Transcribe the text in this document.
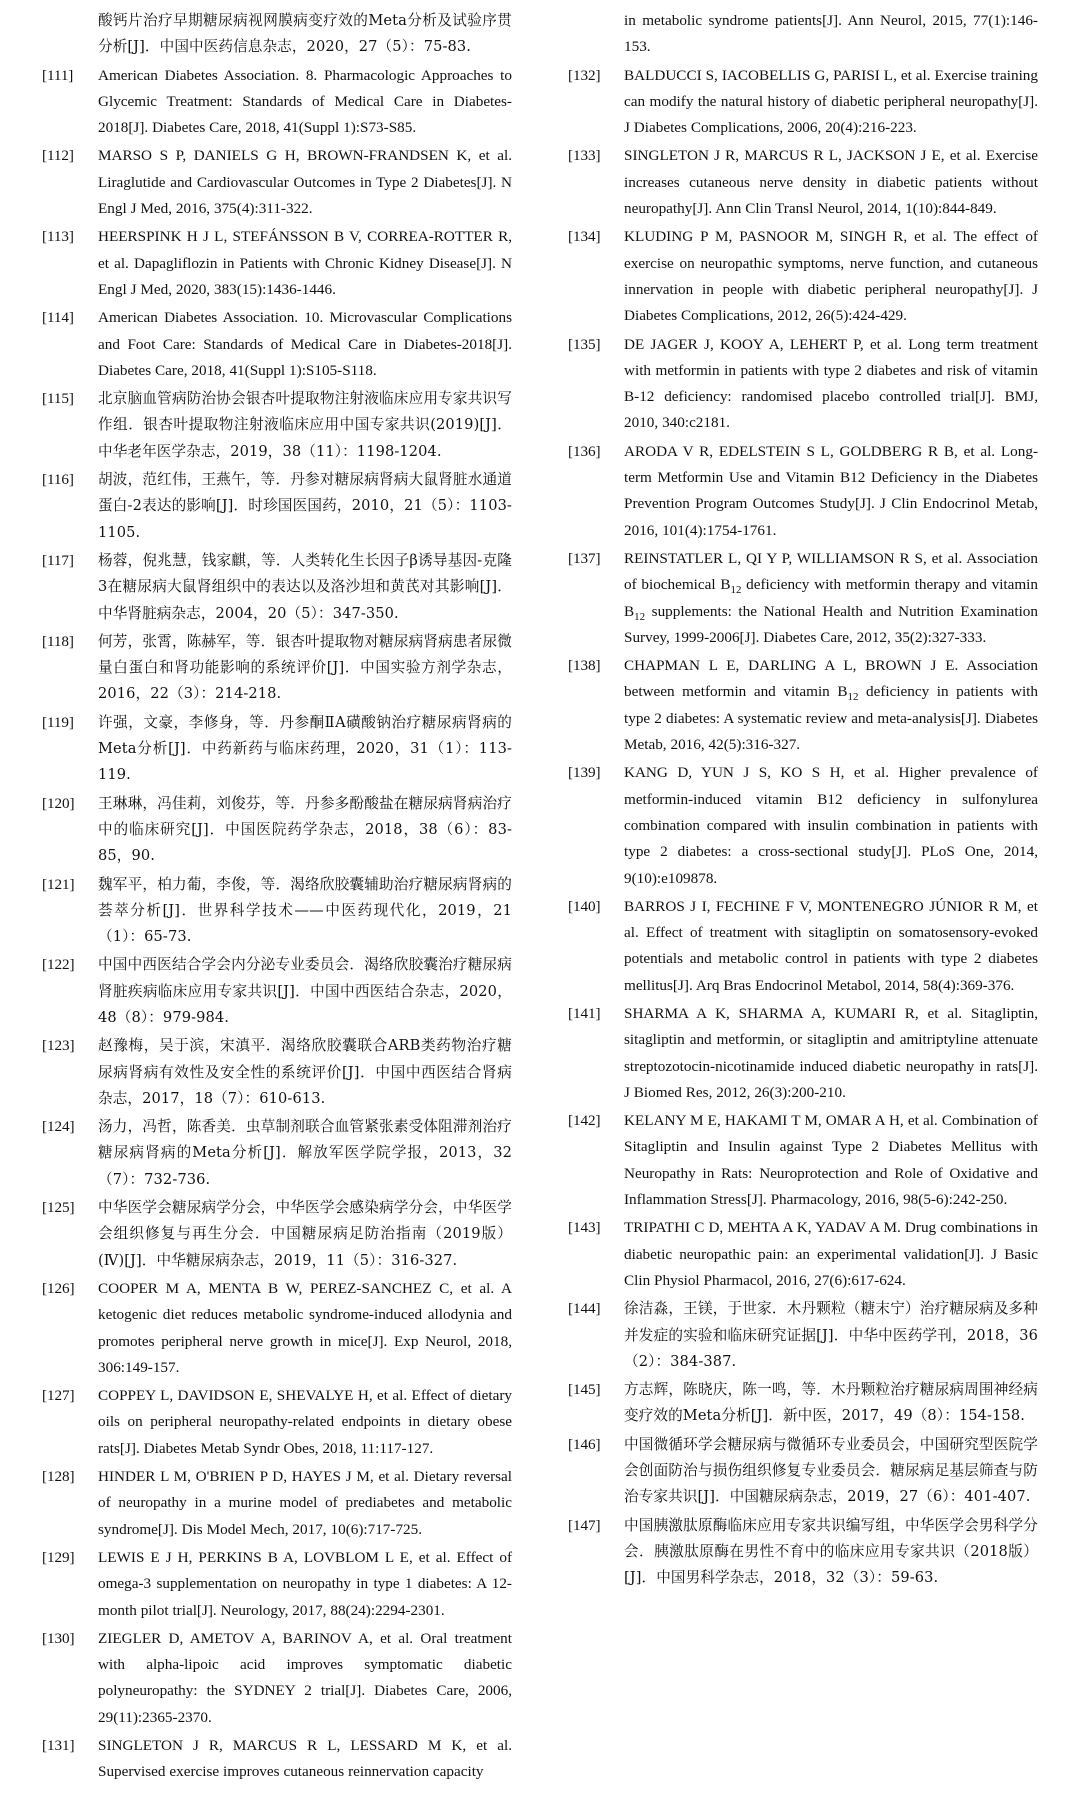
酸钙片治疗早期糖尿病视网膜病变疗效的Meta分析及试验序贯分析[J]．中国中医药信息杂志，2020，27（5）：75-83.
[111]	American Diabetes Association. 8. Pharmacologic Approaches to Glycemic Treatment: Standards of Medical Care in Diabetes-2018[J]. Diabetes Care, 2018, 41(Suppl 1):S73-S85.
[112]	MARSO S P, DANIELS G H, BROWN-FRANDSEN K, et al. Liraglutide and Cardiovascular Outcomes in Type 2 Diabetes[J]. N Engl J Med, 2016, 375(4):311-322.
[113]	HEERSPINK H J L, STEFÁNSSON B V, CORREA-ROTTER R, et al. Dapagliflozin in Patients with Chronic Kidney Disease[J]. N Engl J Med, 2020, 383(15):1436-1446.
[114]	American Diabetes Association. 10. Microvascular Complications and Foot Care: Standards of Medical Care in Diabetes-2018[J]. Diabetes Care, 2018, 41(Suppl 1):S105-S118.
[115]	北京脑血管病防治协会银杏叶提取物注射液临床应用专家共识写作组．银杏叶提取物注射液临床应用中国专家共识(2019)[J]．中华老年医学杂志，2019，38（11）：1198-1204.
[116]	胡波，范红伟，王燕午，等．丹参对糖尿病肾病大鼠肾脏水通道蛋白-2表达的影响[J]．时珍国医国药，2010，21（5）：1103-1105.
[117]	杨蓉，倪兆慧，钱家麒，等．人类转化生长因子β诱导基因-克隆3在糖尿病大鼠肾组织中的表达以及洛沙坦和黄芪对其影响[J]．中华肾脏病杂志，2004，20（5）：347-350.
[118]	何芳，张霄，陈赫军，等．银杏叶提取物对糖尿病肾病患者尿微量白蛋白和肾功能影响的系统评价[J]．中国实验方剂学杂志，2016，22（3）：214-218.
[119]	许强，文豪，李修身，等．丹参酮ⅡA磺酸钠治疗糖尿病肾病的Meta分析[J]．中药新药与临床药理，2020，31（1）：113-119.
[120]	王琳琳，冯佳莉，刘俊芬，等．丹参多酚酸盐在糖尿病肾病治疗中的临床研究[J]．中国医院药学杂志，2018，38（6）：83-85，90.
[121]	魏军平，柏力葡，李俊，等．渴络欣胶囊辅助治疗糖尿病肾病的荟萃分析[J]．世界科学技术——中医药现代化，2019，21（1）：65-73.
[122]	中国中西医结合学会内分泌专业委员会．渴络欣胶囊治疗糖尿病肾脏疾病临床应用专家共识[J]．中国中西医结合杂志，2020，48（8）：979-984.
[123]	赵豫梅，吴于滨，宋滇平．渴络欣胶囊联合ARB类药物治疗糖尿病肾病有效性及安全性的系统评价[J]．中国中西医结合肾病杂志，2017，18（7）：610-613.
[124]	汤力，冯哲，陈香美．虫草制剂联合血管紧张素受体阻滞剂治疗糖尿病肾病的Meta分析[J]．解放军医学院学报，2013，32（7）：732-736.
[125]	中华医学会糖尿病学分会，中华医学会感染病学分会，中华医学会组织修复与再生分会．中国糖尿病足防治指南（2019版）(Ⅳ)[J]．中华糖尿病杂志，2019，11（5）：316-327.
[126]	COOPER M A, MENTA B W, PEREZ-SANCHEZ C, et al. A ketogenic diet reduces metabolic syndrome-induced allodynia and promotes peripheral nerve growth in mice[J]. Exp Neurol, 2018, 306:149-157.
[127]	COPPEY L, DAVIDSON E, SHEVALYE H, et al. Effect of dietary oils on peripheral neuropathy-related endpoints in dietary obese rats[J]. Diabetes Metab Syndr Obes, 2018, 11:117-127.
[128]	HINDER L M, O'BRIEN P D, HAYES J M, et al. Dietary reversal of neuropathy in a murine model of prediabetes and metabolic syndrome[J]. Dis Model Mech, 2017, 10(6):717-725.
[129]	LEWIS E J H, PERKINS B A, LOVBLOM L E, et al. Effect of omega-3 supplementation on neuropathy in type 1 diabetes: A 12-month pilot trial[J]. Neurology, 2017, 88(24):2294-2301.
[130]	ZIEGLER D, AMETOV A, BARINOV A, et al. Oral treatment with alpha-lipoic acid improves symptomatic diabetic polyneuropathy: the SYDNEY 2 trial[J]. Diabetes Care, 2006, 29(11):2365-2370.
[131]	SINGLETON J R, MARCUS R L, LESSARD M K, et al. Supervised exercise improves cutaneous reinnervation capacity
in metabolic syndrome patients[J]. Ann Neurol, 2015, 77(1):146-153.
[132]	BALDUCCI S, IACOBELLIS G, PARISI L, et al. Exercise training can modify the natural history of diabetic peripheral neuropathy[J]. J Diabetes Complications, 2006, 20(4):216-223.
[133]	SINGLETON J R, MARCUS R L, JACKSON J E, et al. Exercise increases cutaneous nerve density in diabetic patients without neuropathy[J]. Ann Clin Transl Neurol, 2014, 1(10):844-849.
[134]	KLUDING P M, PASNOOR M, SINGH R, et al. The effect of exercise on neuropathic symptoms, nerve function, and cutaneous innervation in people with diabetic peripheral neuropathy[J]. J Diabetes Complications, 2012, 26(5):424-429.
[135]	DE JAGER J, KOOY A, LEHERT P, et al. Long term treatment with metformin in patients with type 2 diabetes and risk of vitamin B-12 deficiency: randomised placebo controlled trial[J]. BMJ, 2010, 340:c2181.
[136]	ARODA V R, EDELSTEIN S L, GOLDBERG R B, et al. Long-term Metformin Use and Vitamin B12 Deficiency in the Diabetes Prevention Program Outcomes Study[J]. J Clin Endocrinol Metab, 2016, 101(4):1754-1761.
[137]	REINSTATLER L, QI Y P, WILLIAMSON R S, et al. Association of biochemical $B_{12}$ deficiency with metformin therapy and vitamin $B_{12}$ supplements: the National Health and Nutrition Examination Survey, 1999-2006[J]. Diabetes Care, 2012, 35(2):327-333.
[138]	CHAPMAN L E, DARLING A L, BROWN J E. Association between metformin and vitamin $B_{12}$ deficiency in patients with type 2 diabetes: A systematic review and meta-analysis[J]. Diabetes Metab, 2016, 42(5):316-327.
[139]	KANG D, YUN J S, KO S H, et al. Higher prevalence of metformin-induced vitamin B12 deficiency in sulfonylurea combination compared with insulin combination in patients with type 2 diabetes: a cross-sectional study[J]. PLoS One, 2014, 9(10):e109878.
[140]	BARROS J I, FECHINE F V, MONTENEGRO JÚNIOR R M, et al. Effect of treatment with sitagliptin on somatosensory-evoked potentials and metabolic control in patients with type 2 diabetes mellitus[J]. Arq Bras Endocrinol Metabol, 2014, 58(4):369-376.
[141]	SHARMA A K, SHARMA A, KUMARI R, et al. Sitagliptin, sitagliptin and metformin, or sitagliptin and amitriptyline attenuate streptozotocin-nicotinamide induced diabetic neuropathy in rats[J]. J Biomed Res, 2012, 26(3):200-210.
[142]	KELANY M E, HAKAMI T M, OMAR A H, et al. Combination of Sitagliptin and Insulin against Type 2 Diabetes Mellitus with Neuropathy in Rats: Neuroprotection and Role of Oxidative and Inflammation Stress[J]. Pharmacology, 2016, 98(5-6):242-250.
[143]	TRIPATHI C D, MEHTA A K, YADAV A M. Drug combinations in diabetic neuropathic pain: an experimental validation[J]. J Basic Clin Physiol Pharmacol, 2016, 27(6):617-624.
[144]	徐洁淼，王镁，于世家．木丹颗粒（糖末宁）治疗糖尿病及多种并发症的实验和临床研究证据[J]．中华中医药学刊，2018，36（2）：384-387.
[145]	方志辉，陈晓庆，陈一鸣，等．木丹颗粒治疗糖尿病周围神经病变疗效的Meta分析[J]．新中医，2017，49（8）：154-158.
[146]	中国微循环学会糖尿病与微循环专业委员会，中国研究型医院学会创面防治与损伤组织修复专业委员会．糖尿病足基层筛查与防治专家共识[J]．中国糖尿病杂志，2019，27（6）：401-407.
[147]	中国胰激肽原酶临床应用专家共识编写组，中华医学会男科学分会．胰激肽原酶在男性不育中的临床应用专家共识（2018版）[J]．中国男科学杂志，2018，32（3）：59-63.
